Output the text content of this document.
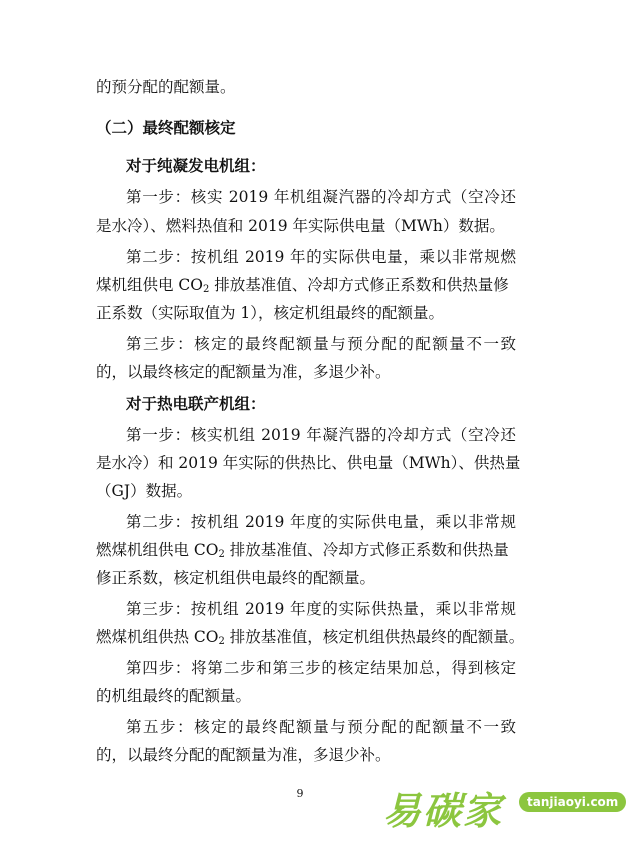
的预分配的配额量。
（二）最终配额核定
对于纯凝发电机组：
第一步：核实 2019 年机组凝汽器的冷却方式（空冷还
是水冷）、燃料热值和 2019 年实际供电量（MWh）数据。
第二步：按机组 2019 年的实际供电量，乘以非常规燃
煤机组供电 $CO_2$ 排放基准值、冷却方式修正系数和供热量修
正系数（实际取值为 1），核定机组最终的配额量。
第三步：核定的最终配额量与预分配的配额量不一致
的，以最终核定的配额量为准，多退少补。
对于热电联产机组：
第一步：核实机组 2019 年凝汽器的冷却方式（空冷还
是水冷）和 2019 年实际的供热比、供电量（MWh）、供热量
（GJ）数据。
第二步：按机组 2019 年度的实际供电量，乘以非常规
燃煤机组供电 $CO_2$ 排放基准值、冷却方式修正系数和供热量
修正系数，核定机组供电最终的配额量。
第三步：按机组 2019 年度的实际供热量，乘以非常规
燃煤机组供热 $CO_2$ 排放基准值，核定机组供热最终的配额量。
第四步：将第二步和第三步的核定结果加总，得到核定
的机组最终的配额量。
第五步：核定的最终配额量与预分配的配额量不一致
的，以最终分配的配额量为准，多退少补。
9	易碳家	tanjiaoyi.com
